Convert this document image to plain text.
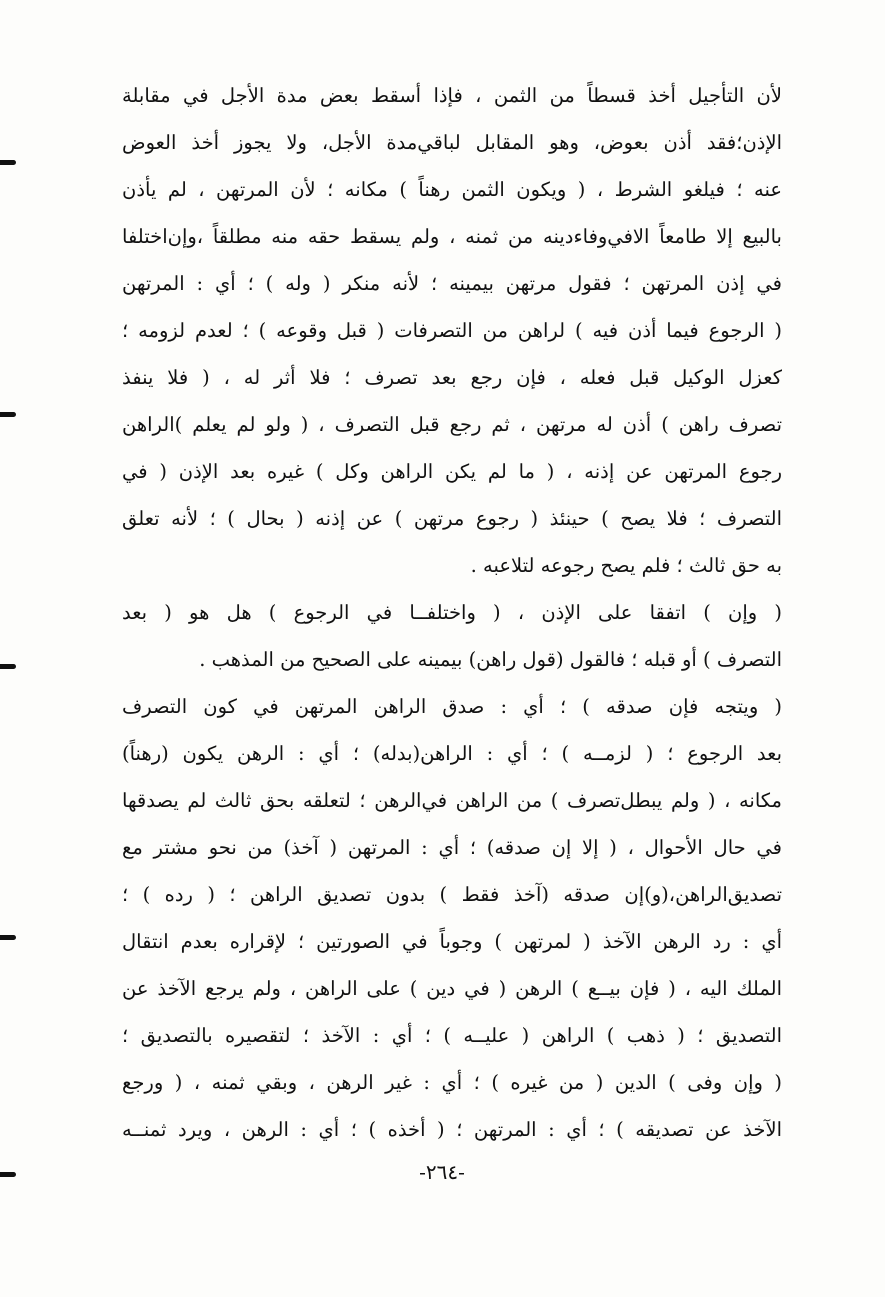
لأن التأجيل أخذ قسطاً من الثمن ، فإذا أسقط بعض مدة الأجل في مقابلة
الإذن؛فقد أذن بعوض، وهو المقابل لباقي‌مدة الأجل، ولا يجوز أخذ العوض
عنه ؛ فيلغو الشرط ، ( ويكون الثمن رهناً ) مكانه ؛ لأن المرتهن ، لم يأذن
بالبيع إلا طامعاً الافي‌وفاءدينه من ثمنه ، ولم يسقط حقه منه مطلقاً ،وإن‌اختلفا
في إذن المرتهن ؛ فقول مرتهن بيمينه ؛ لأنه منكر ( وله ) ؛ أي : المرتهن
( الرجوع فيما أذن فيه ) لراهن من التصرفات ( قبل وقوعه ) ؛ لعدم لزومه ؛
كعزل الوكيل قبل فعله ، فإن رجع بعد تصرف ؛ فلا أثر له ، ( فلا ينفذ
تصرف راهن ) أذن له مرتهن ، ثم رجع قبل التصرف ، ( ولو لم يعلم )الراهن
رجوع المرتهن عن إذنه ، ( ما لم يكن الراهن وكل ) غيره بعد الإذن ( في
التصرف ؛ فلا يصح ) حينئذ ( رجوع مرتهن ) عن إذنه ( بحال ) ؛ لأنه تعلق
به حق ثالث ؛ فلم يصح رجوعه لتلاعبه .
( وإن ) اتفقا على الإذن ، ( واختلفــا في الرجوع ) هل هو ( بعد
التصرف ) أو قبله ؛ فالقول (قول راهن) بيمينه على الصحيح من المذهب .
( ويتجه فإن صدقه ) ؛ أي : صدق الراهن المرتهن في كون التصرف
بعد الرجوع ؛ ( لزمــه ) ؛ أي : الراهن(بدله) ؛ أي : الرهن يكون (رهناً)
مكانه ، ( ولم يبطل‌تصرف ) من الراهن في‌الرهن ؛ لتعلقه بحق ثالث لم يصدقها
في حال الأحوال ، ( إلا إن صدقه) ؛ أي : المرتهن ( آخذ) من نحو مشتر مع
تصديق‌الراهن،(و)إن صدقه (آخذ فقط ) بدون تصديق الراهن ؛ ( رده ) ؛
أي : رد الرهن الآخذ ( لمرتهن ) وجوباً في الصورتين ؛ لإقراره بعدم انتقال
الملك اليه ، ( فإن بيــع ) الرهن ( في دين ) على الراهن ، ولم يرجع الآخذ عن
التصديق ؛ ( ذهب ) الراهن ( عليــه ) ؛ أي : الآخذ ؛ لتقصيره بالتصديق ؛
( وإن وفى ) الدين ( من غيره ) ؛ أي : غير الرهن ، وبقي ثمنه ، ( ورجع
الآخذ عن تصديقه ) ؛ أي : المرتهن ؛ ( أخذه ) ؛ أي : الرهن ، ويرد ثمنــه
-٢٦٤-
